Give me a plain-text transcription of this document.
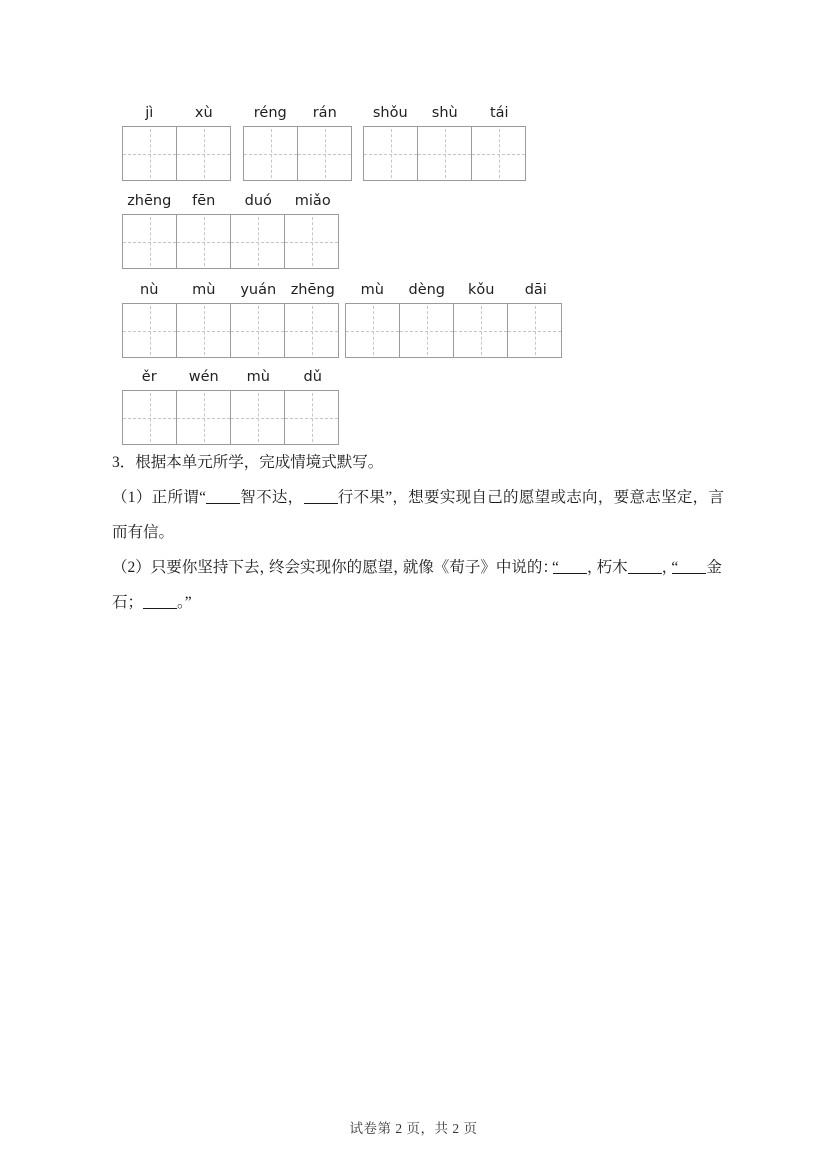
jì	xù	réng	rán	shǒu	shù	tái
zhēng	fēn	duó	miǎo
nù	mù	yuán	zhēng	mù	dèng	kǒu	dāi
ěr	wén	mù	dǔ
3．根据本单元所学，完成情境式默写。
（1）正所谓“ 智不达， 行不果”，想要实现自己的愿望或志向，要意志坚定，言
而有信。
（2）只要你坚持下去，终会实现你的愿望，就像《荀子》中说的：“ ，朽木 ，“ 金
石； 。”
试卷第 2 页，共 2 页
